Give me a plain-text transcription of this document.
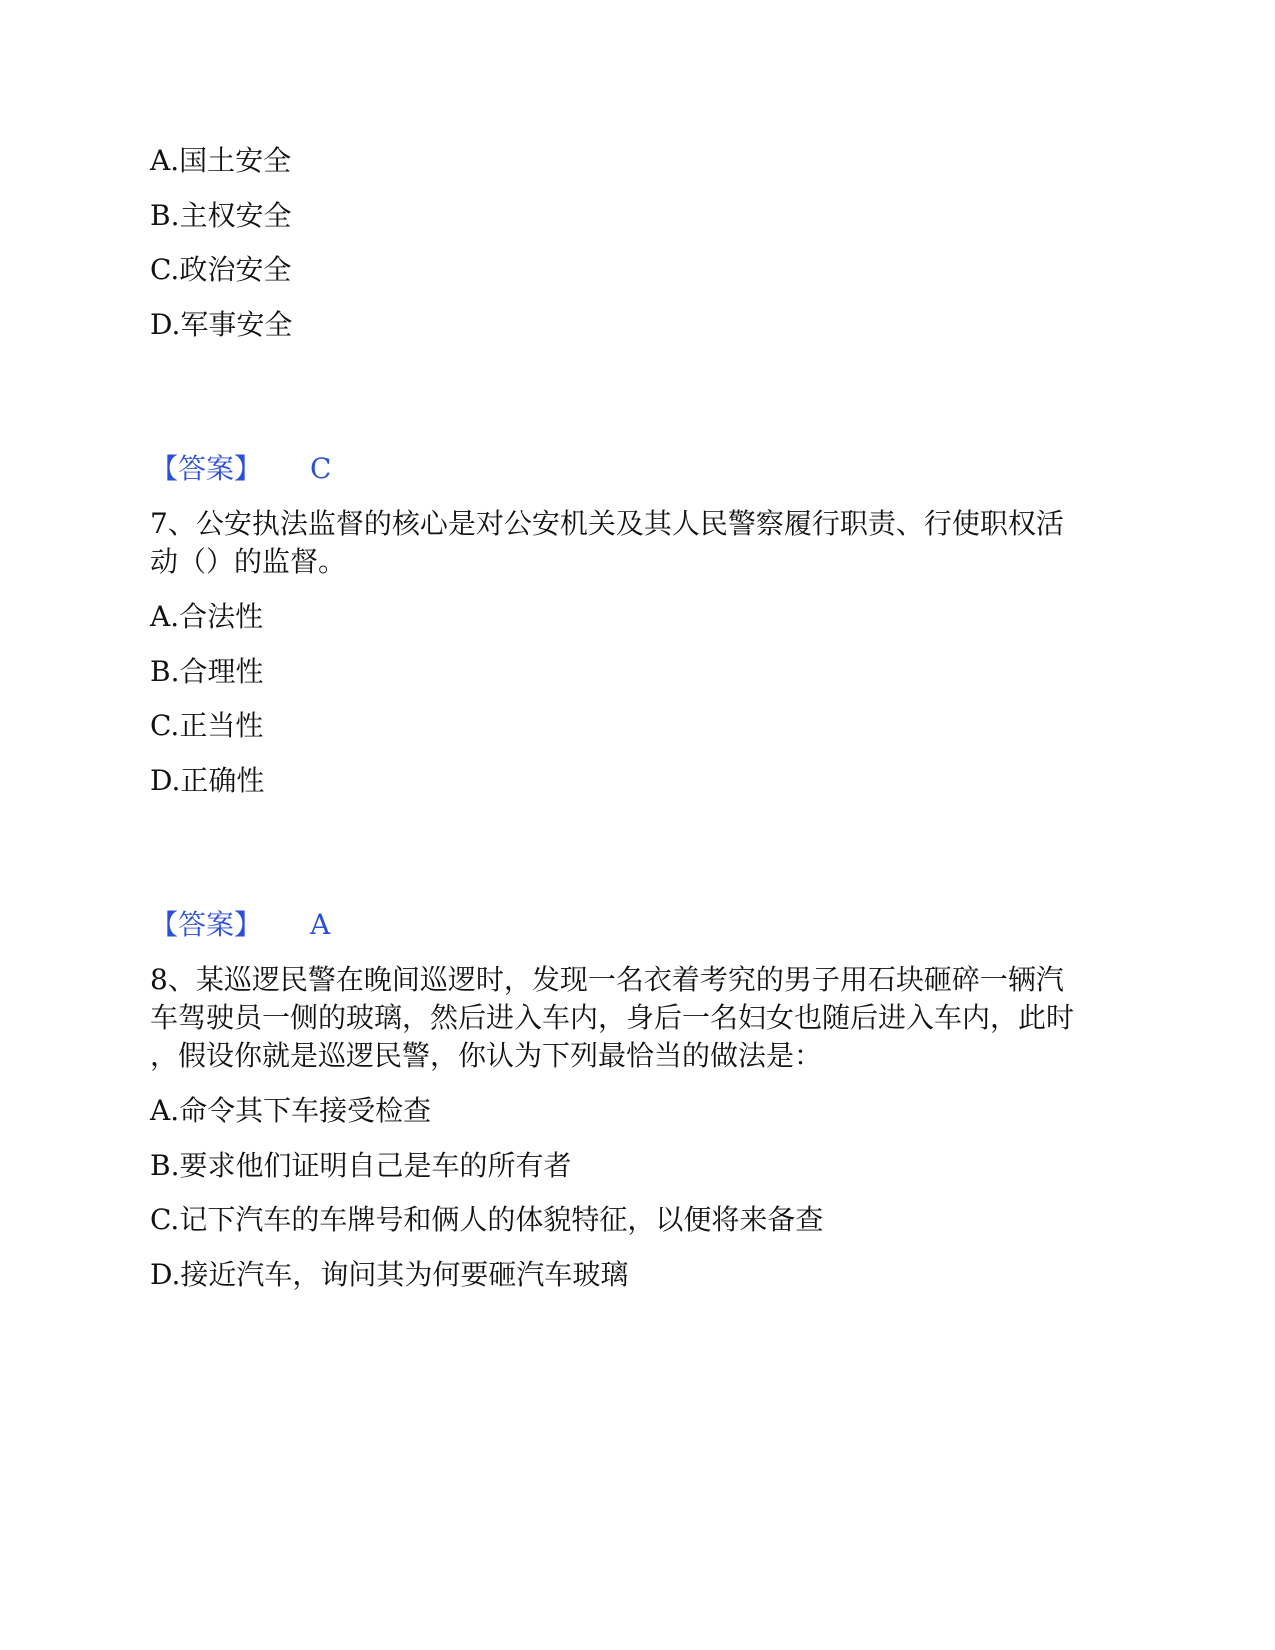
A.国土安全
B.主权安全
C.政治安全
D.军事安全
【答案】 C
7、公安执法监督的核心是对公安机关及其人民警察履行职责、行使职权活
动（）的监督。
A.合法性
B.合理性
C.正当性
D.正确性
【答案】 A
8、某巡逻民警在晚间巡逻时，发现一名衣着考究的男子用石块砸碎一辆汽
车驾驶员一侧的玻璃，然后进入车内，身后一名妇女也随后进入车内，此时
，假设你就是巡逻民警，你认为下列最恰当的做法是：
A.命令其下车接受检查
B.要求他们证明自己是车的所有者
C.记下汽车的车牌号和俩人的体貌特征，以便将来备查
D.接近汽车，询问其为何要砸汽车玻璃
